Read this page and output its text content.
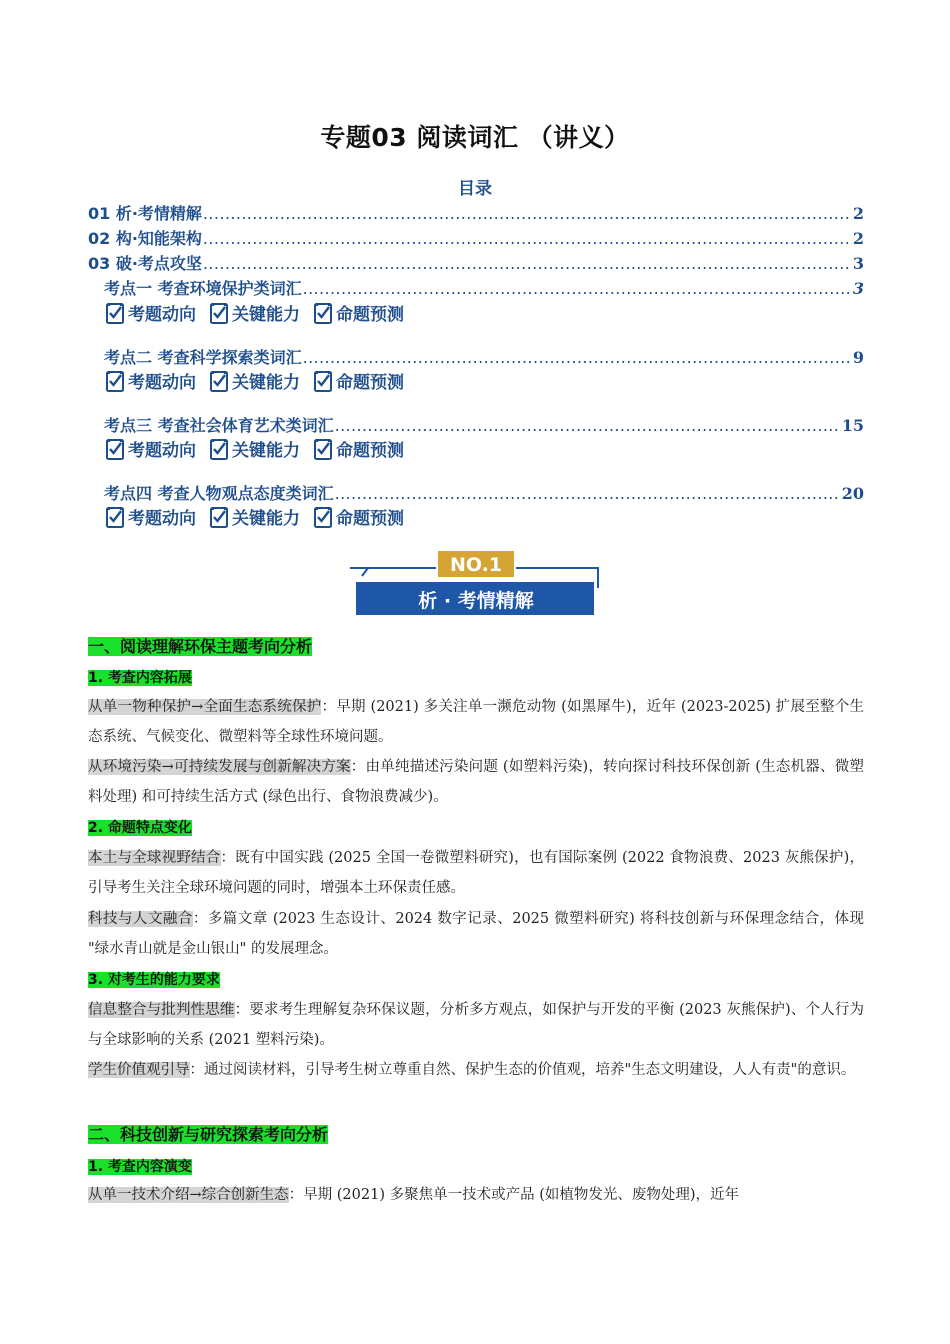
专题03 阅读词汇 （讲义）
目录
01 析·考情精解 .....	2
02 构·知能架构 .....	2
03 破·考点攻坚 .....	3
考点一 考查环境保护类词汇 .....	3
考题动向 关键能力 命题预测
考点二 考查科学探索类词汇 .....	9
考题动向 关键能力 命题预测
考点三 考查社会体育艺术类词汇 .....	15
考题动向 关键能力 命题预测
考点四 考查人物观点态度类词汇 .....	20
考题动向 关键能力 命题预测
NO.1
析 · 考情精解
一、阅读理解环保主题考向分析
1. 考查内容拓展
从单一物种保护→全面生态系统保护：早期 (2021) 多关注单一濒危动物 (如黑犀牛)，近年 (2023-2025) 扩展至整个生态系统、气候变化、微塑料等全球性环境问题。
从环境污染→可持续发展与创新解决方案：由单纯描述污染问题 (如塑料污染)，转向探讨科技环保创新 (生态机器、微塑料处理) 和可持续生活方式 (绿色出行、食物浪费减少)。
2. 命题特点变化
本土与全球视野结合：既有中国实践 (2025 全国一卷微塑料研究)，也有国际案例 (2022 食物浪费、2023 灰熊保护)，引导考生关注全球环境问题的同时，增强本土环保责任感。
科技与人文融合：多篇文章 (2023 生态设计、2024 数字记录、2025 微塑料研究) 将科技创新与环保理念结合，体现 "绿水青山就是金山银山" 的发展理念。
3. 对考生的能力要求
信息整合与批判性思维：要求考生理解复杂环保议题，分析多方观点，如保护与开发的平衡 (2023 灰熊保护)、个人行为与全球影响的关系 (2021 塑料污染)。
学生价值观引导：通过阅读材料，引导考生树立尊重自然、保护生态的价值观，培养"生态文明建设，人人有责"的意识。
二、科技创新与研究探索考向分析
1. 考查内容演变
从单一技术介绍→综合创新生态：早期 (2021) 多聚焦单一技术或产品 (如植物发光、废物处理)，近年
